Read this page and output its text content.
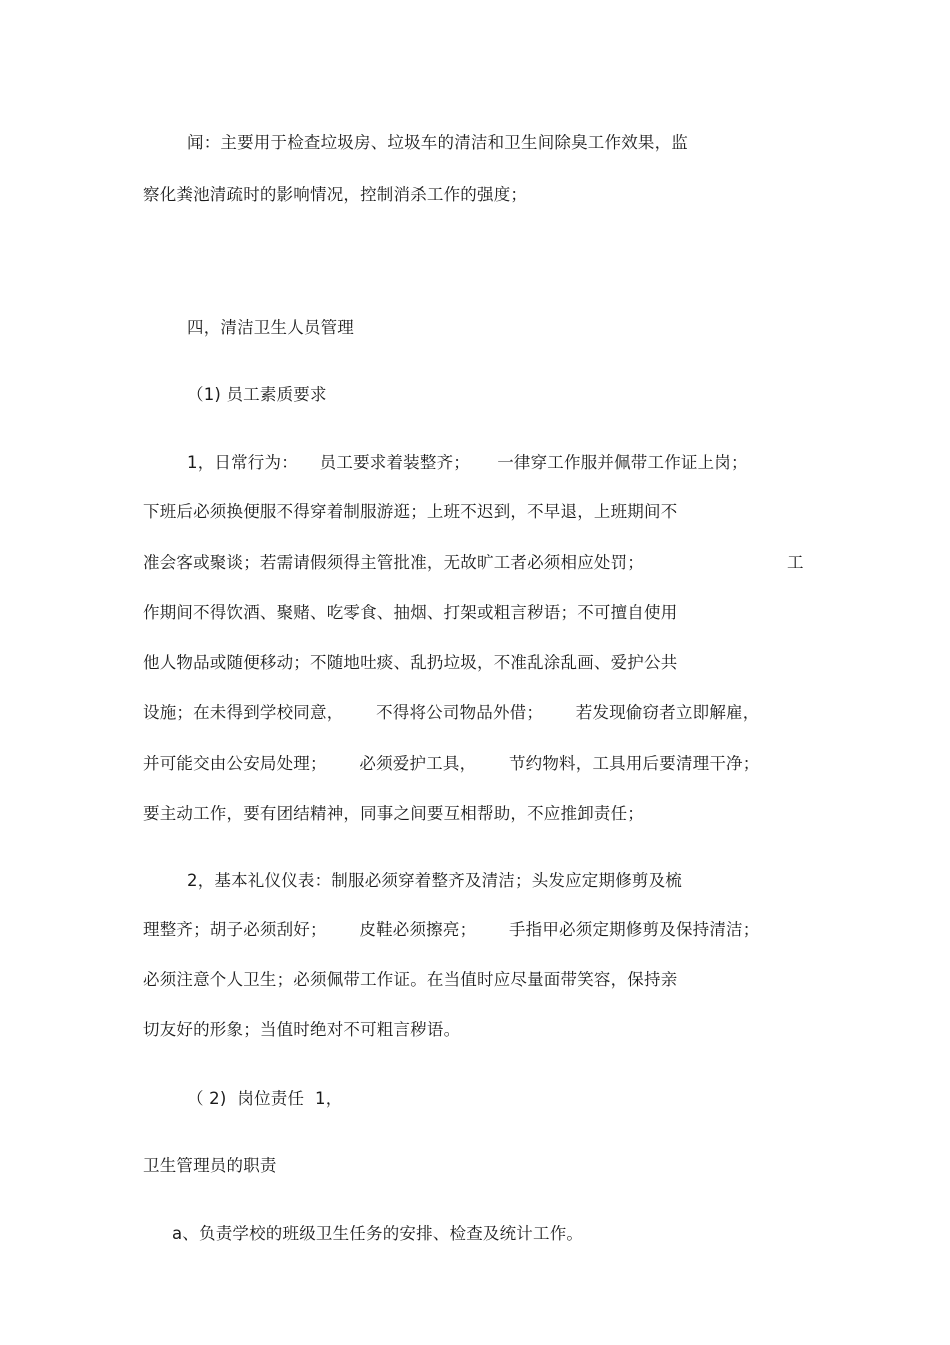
闻：主要用于检查垃圾房、垃圾车的清洁和卫生间除臭工作效果，监
察化粪池清疏时的影响情况，控制消杀工作的强度；
四，清洁卫生人员管理
（1) 员工素质要求
1，日常行为：    员工要求着装整齐；     一律穿工作服并佩带工作证上岗；
下班后必须换便服不得穿着制服游逛；上班不迟到，不早退，上班期间不
准会客或聚谈；若需请假须得主管批准，无故旷工者必须相应处罚；	工
作期间不得饮酒、聚赌、吃零食、抽烟、打架或粗言秽语；不可擅自使用
他人物品或随便移动；不随地吐痰、乱扔垃圾，不准乱涂乱画、爱护公共
设施；在未得到学校同意，      不得将公司物品外借；      若发现偷窃者立即解雇，
并可能交由公安局处理；      必须爱护工具，      节约物料，工具用后要清理干净；
要主动工作，要有团结精神，同事之间要互相帮助，不应推卸责任；
2，基本礼仪仪表：制服必须穿着整齐及清洁；头发应定期修剪及梳
理整齐；胡子必须刮好；      皮鞋必须擦亮；      手指甲必须定期修剪及保持清洁；
必须注意个人卫生；必须佩带工作证。在当值时应尽量面带笑容，保持亲
切友好的形象；当值时绝对不可粗言秽语。
（ 2)  岗位责任  1，
卫生管理员的职责
a、负责学校的班级卫生任务的安排、检查及统计工作。
